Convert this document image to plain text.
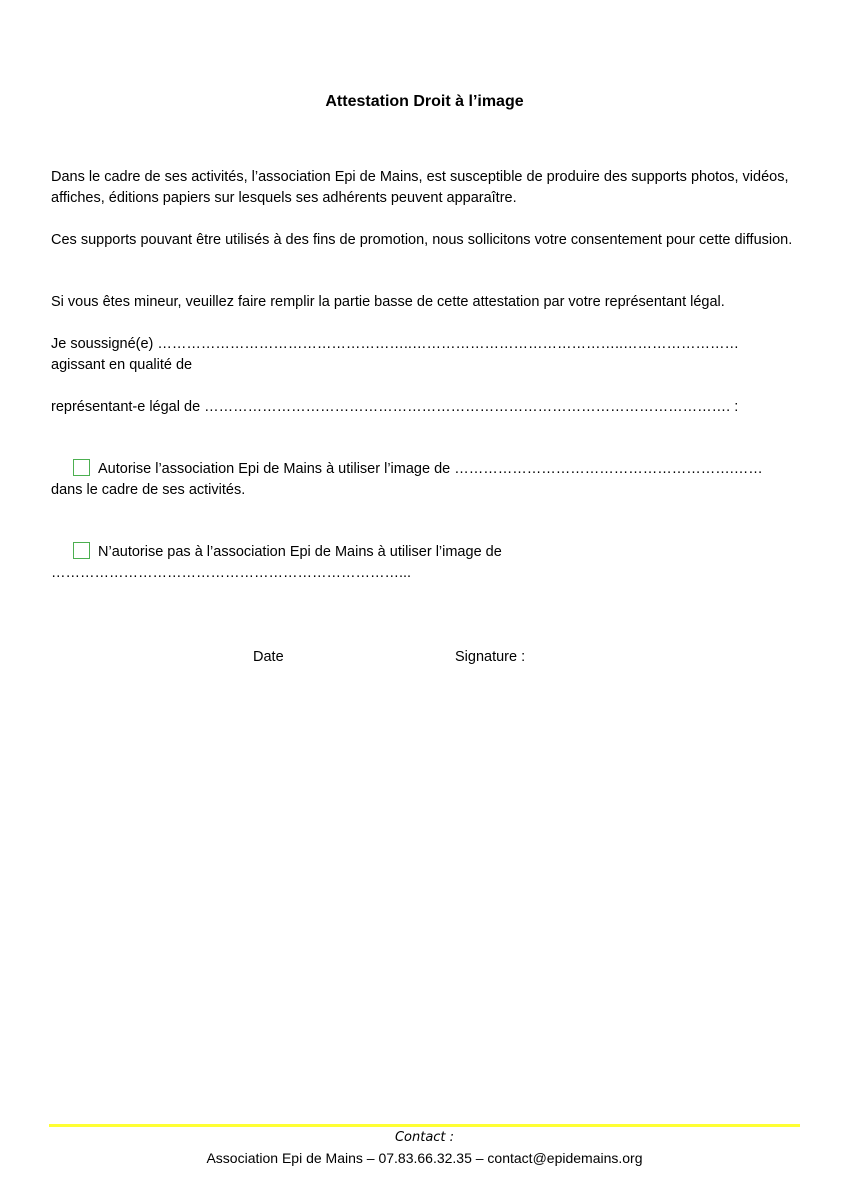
Attestation Droit à l’image

Dans le cadre de ses activités, l’association Epi de Mains, est susceptible de produire des supports photos, vidéos, affiches, éditions papiers sur lesquels ses adhérents peuvent apparaître.

Ces supports pouvant être utilisés à des fins de promotion, nous sollicitons votre consentement pour cette diffusion.

Si vous êtes mineur, veuillez faire remplir la partie basse de cette attestation par votre représentant légal.

Je soussigné(e) ……………………………………………..……………………………………..…………………… agissant en qualité de

représentant-e légal de ………………………………………………………………………………………………. :

Autorise l’association Epi de Mains à utiliser l’image de ………………………………………………….…… dans le cadre de ses activités.

N’autorise pas à l’association Epi de Mains à utiliser l’image de ………………………………………………………………...

Date	Signature :
Contact :
Association Epi de Mains – 07.83.66.32.35 – contact@epidemains.org
